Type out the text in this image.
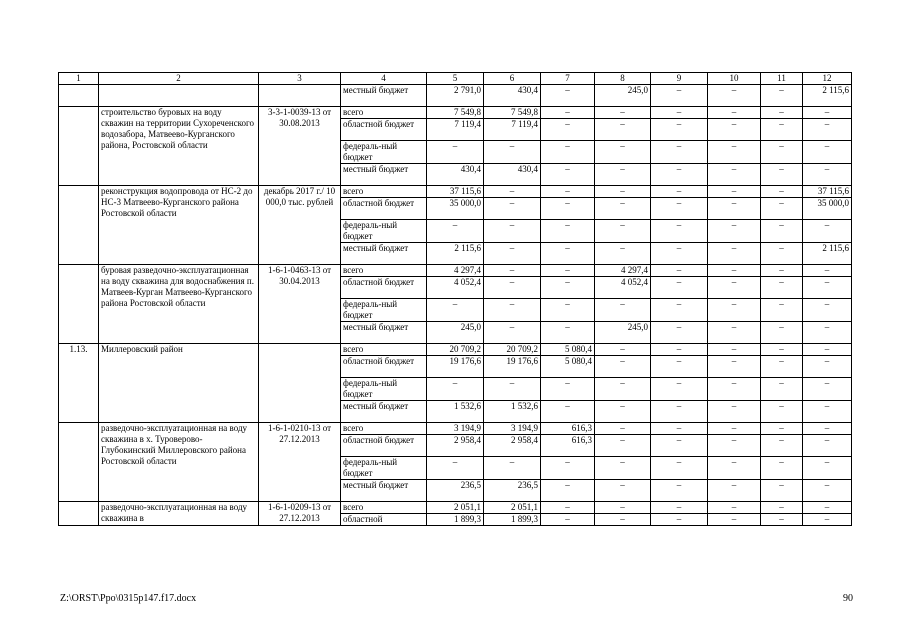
1	2	3	4	5	6	7	8	9	10	11	12
			местный бюджет	2 791,0	430,4	–	245,0	–	–	–	2 115,6
	строительство буровых на воду скважин на территории Сухореченского водозабора, Матвеево-Курганского района, Ростовской области	3-3-1-0039-13 от 30.08.2013	всего	7 549,8	7 549,8	–	–	–	–	–	–
			областной бюджет	7 119,4	7 119,4	–	–	–	–	–	–
			федераль-ный бюджет	–	–	–	–	–	–	–	–
			местный бюджет	430,4	430,4	–	–	–	–	–	–
	реконструкция водопровода от НС-2 до НС-3 Матвеево-Курганского района Ростовской области	декабрь 2017 г./ 10 000,0 тыс. рублей	всего	37 115,6	–	–	–	–	–	–	37 115,6
			областной бюджет	35 000,0	–	–	–	–	–	–	35 000,0
			федераль-ный бюджет	–	–	–	–	–	–	–	–
			местный бюджет	2 115,6	–	–	–	–	–	–	2 115,6
	буровая разведочно-эксплуатационная на воду скважина для водоснабжения п. Матвеев-Курган Матвеево-Курганского района Ростовской области	1-6-1-0463-13 от 30.04.2013	всего	4 297,4	–	–	4 297,4	–	–	–	–
			областной бюджет	4 052,4	–	–	4 052,4	–	–	–	–
			федераль-ный бюджет	–	–	–	–	–	–	–	–
			местный бюджет	245,0	–	–	245,0	–	–	–	–
1.13.	Миллеровский район		всего	20 709,2	20 709,2	5 080,4	–	–	–	–	–
			областной бюджет	19 176,6	19 176,6	5 080,4	–	–	–	–	–
			федераль-ный бюджет	–	–	–	–	–	–	–	–
			местный бюджет	1 532,6	1 532,6	–	–	–	–	–	–
	разведочно-эксплуатационная на воду скважина в х. Туроверово-Глубокинский Миллеровского района Ростовской области	1-6-1-0210-13 от 27.12.2013	всего	3 194,9	3 194,9	616,3	–	–	–	–	–
			областной бюджет	2 958,4	2 958,4	616,3	–	–	–	–	–
			федераль-ный бюджет	–	–	–	–	–	–	–	–
			местный бюджет	236,5	236,5	–	–	–	–	–	–
	разведочно-эксплуатационная на воду скважина в	1-6-1-0209-13 от 27.12.2013	всего	2 051,1	2 051,1	–	–	–	–	–	–
			областной	1 899,3	1 899,3	–	–	–	–	–	–
Z:\ORST\Ppo\0315p147.f17.docx	90
